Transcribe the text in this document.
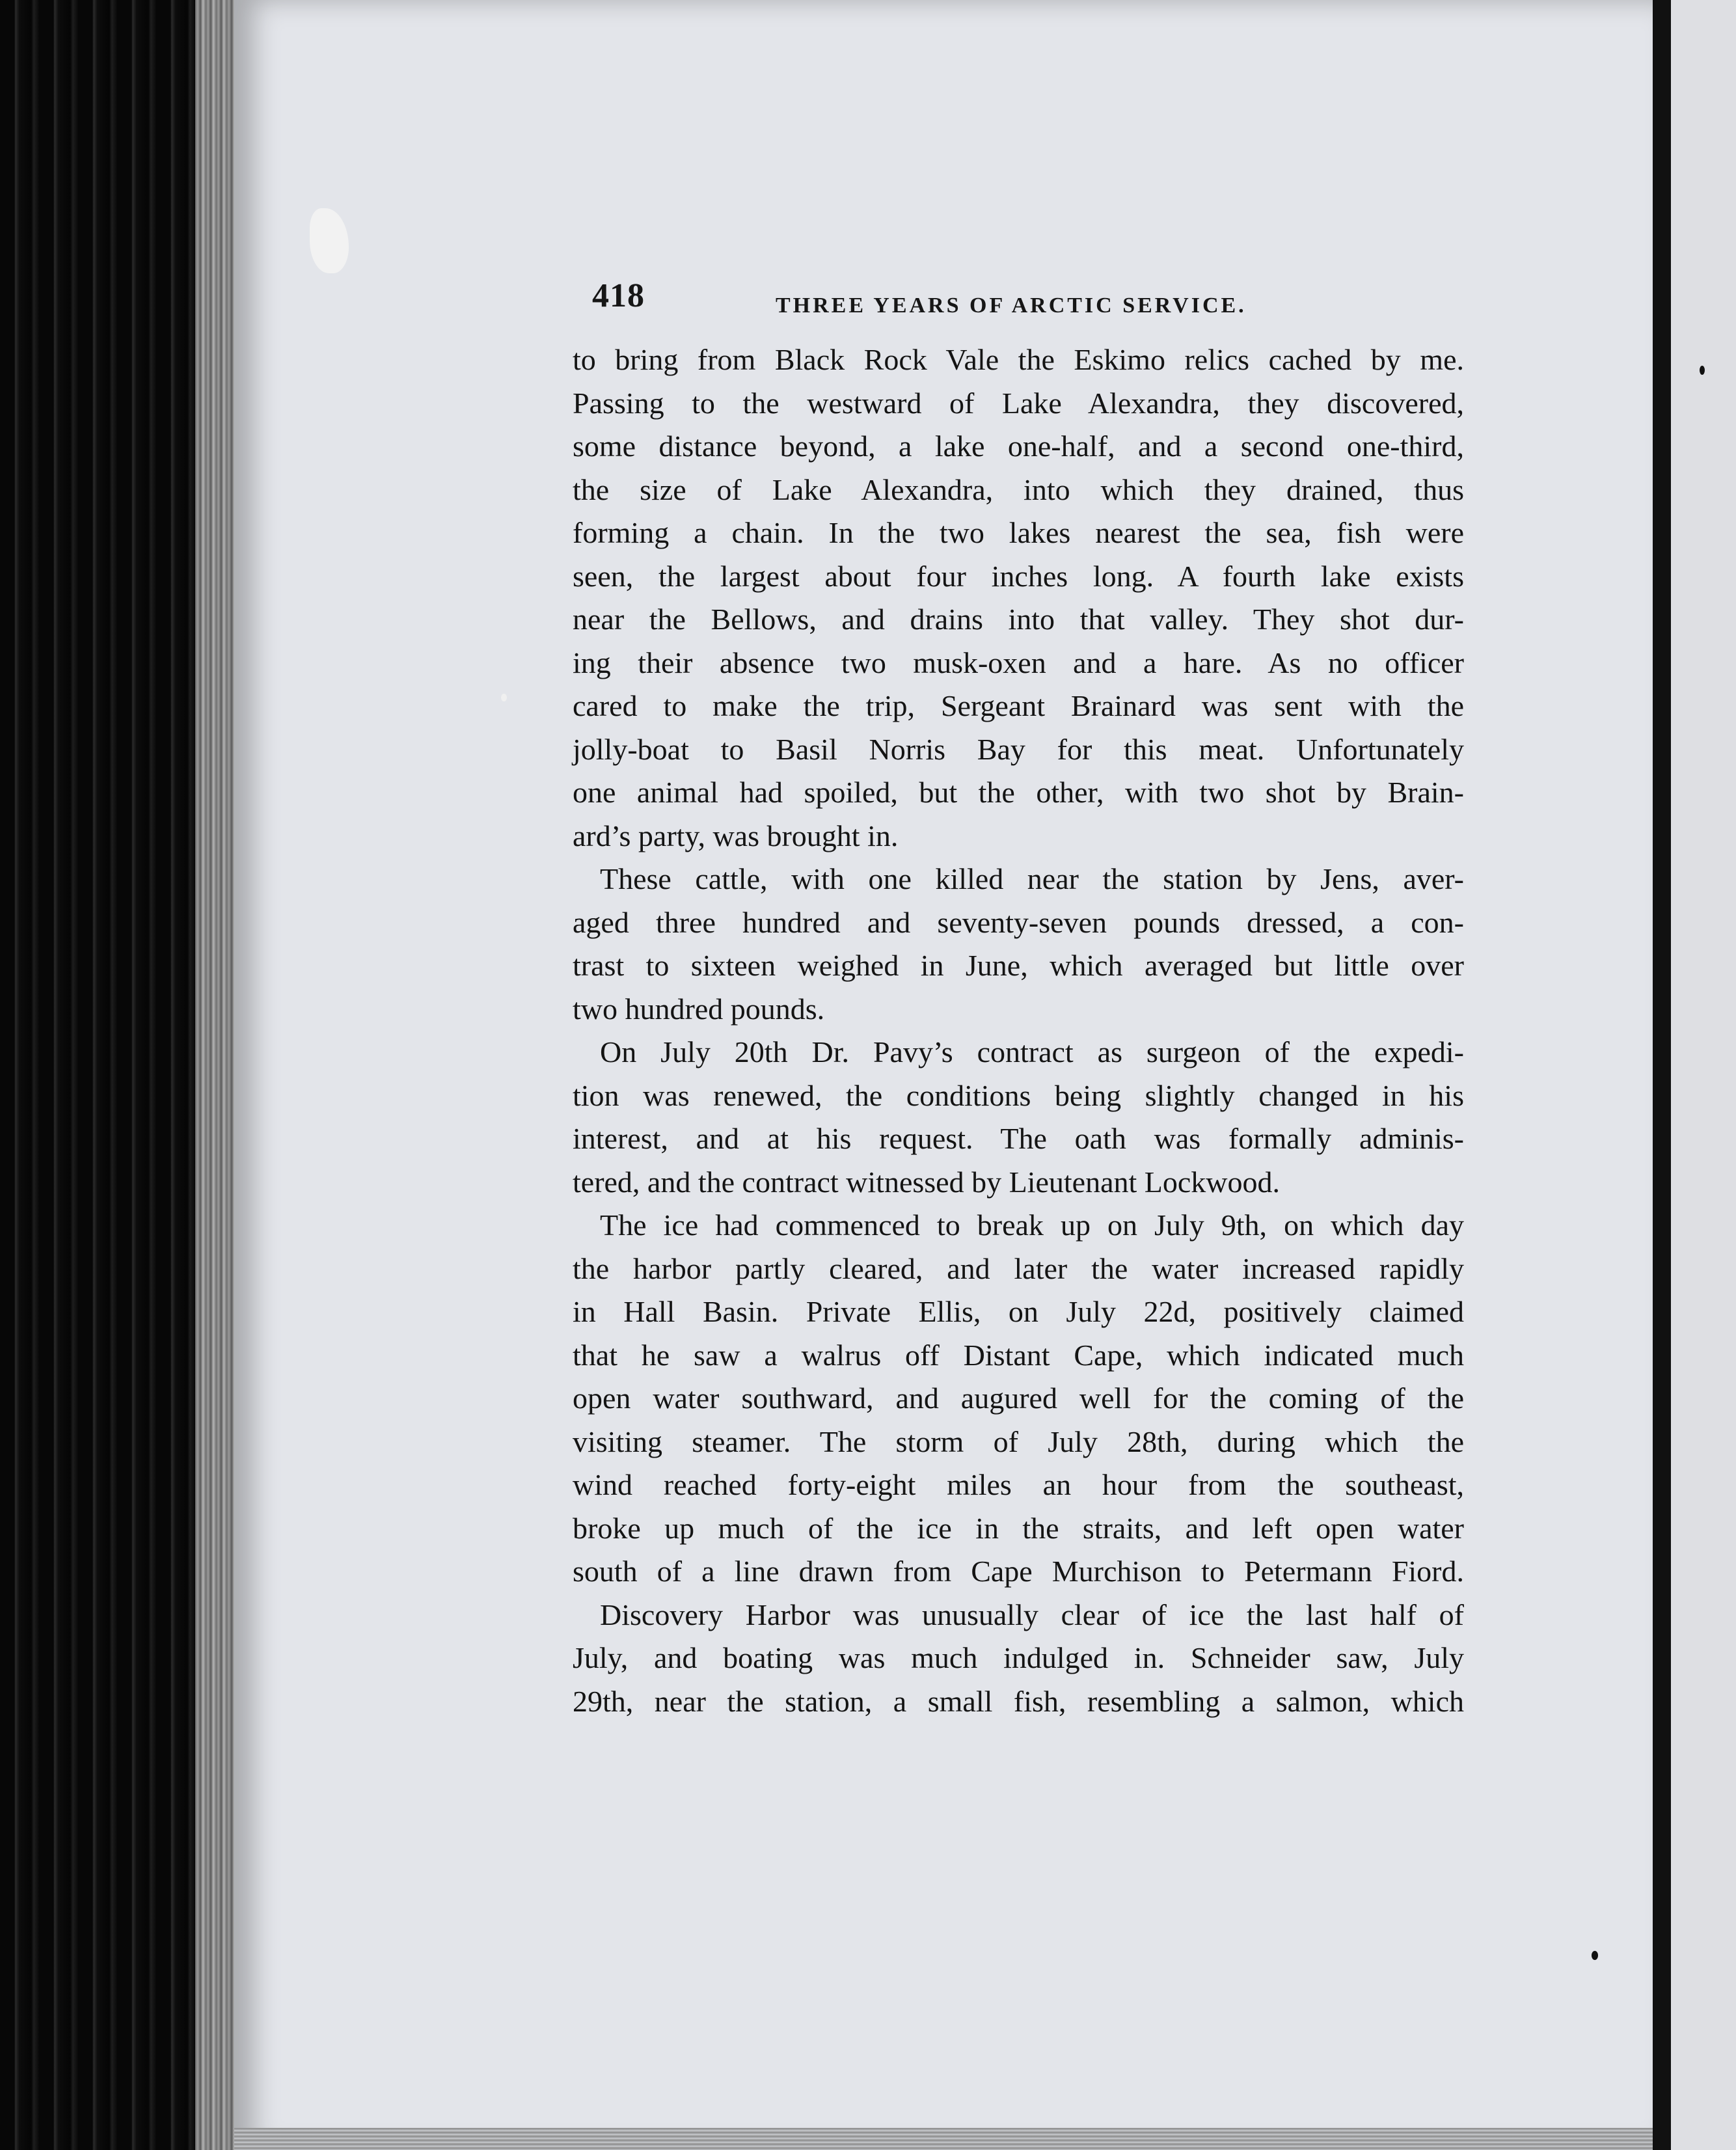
418	THREE YEARS OF ARCTIC SERVICE.

to bring from Black Rock Vale the Eskimo relics cached by me.
Passing to the westward of Lake Alexandra, they discovered,
some distance beyond, a lake one-half, and a second one-third,
the size of Lake Alexandra, into which they drained, thus
forming a chain. In the two lakes nearest the sea, fish were
seen, the largest about four inches long. A fourth lake exists
near the Bellows, and drains into that valley. They shot dur-
ing their absence two musk-oxen and a hare. As no officer
cared to make the trip, Sergeant Brainard was sent with the
jolly-boat to Basil Norris Bay for this meat. Unfortunately
one animal had spoiled, but the other, with two shot by Brain-
ard’s party, was brought in.

These cattle, with one killed near the station by Jens, aver-
aged three hundred and seventy-seven pounds dressed, a con-
trast to sixteen weighed in June, which averaged but little over
two hundred pounds.

On July 20th Dr. Pavy’s contract as surgeon of the expedi-
tion was renewed, the conditions being slightly changed in his
interest, and at his request. The oath was formally adminis-
tered, and the contract witnessed by Lieutenant Lockwood.

The ice had commenced to break up on July 9th, on which day
the harbor partly cleared, and later the water increased rapidly
in Hall Basin. Private Ellis, on July 22d, positively claimed
that he saw a walrus off Distant Cape, which indicated much
open water southward, and augured well for the coming of the
visiting steamer. The storm of July 28th, during which the
wind reached forty-eight miles an hour from the southeast,
broke up much of the ice in the straits, and left open water
south of a line drawn from Cape Murchison to Petermann Fiord.

Discovery Harbor was unusually clear of ice the last half of
July, and boating was much indulged in. Schneider saw, July
29th, near the station, a small fish, resembling a salmon, which
